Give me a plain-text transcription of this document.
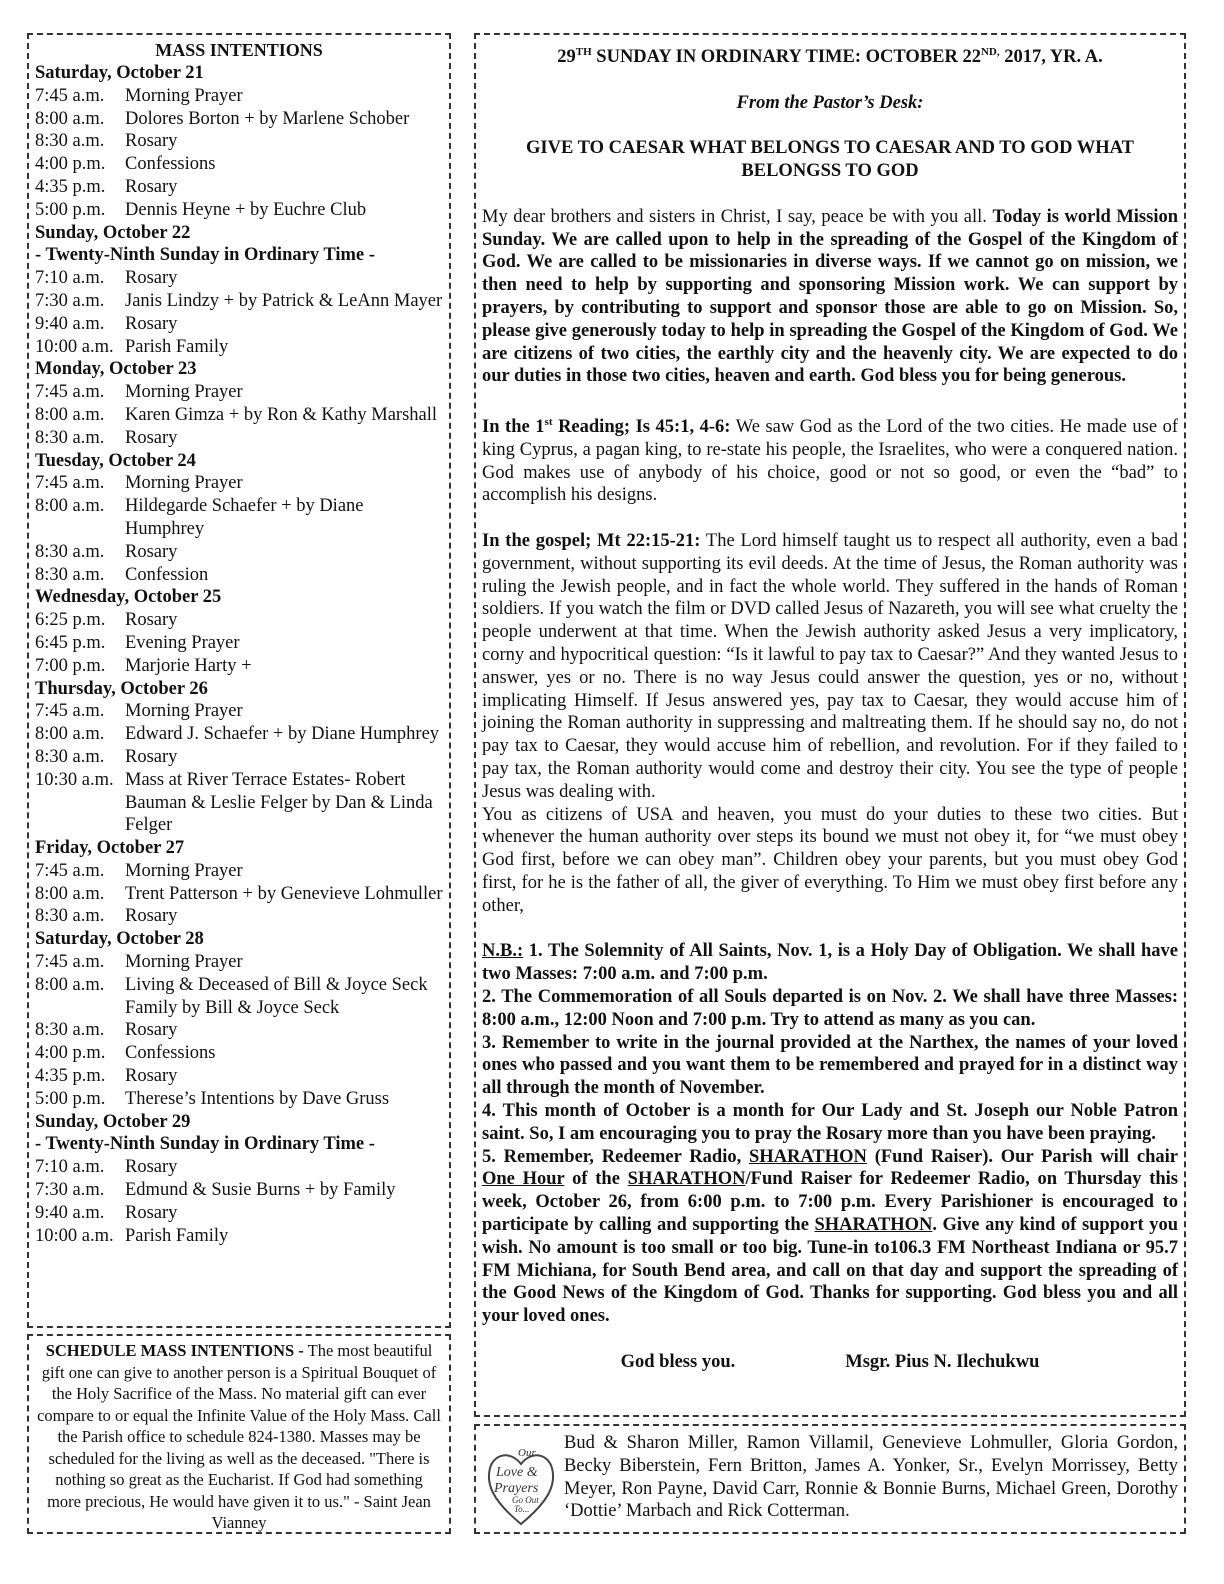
MASS INTENTIONS
Saturday, October 21
7:45 a.m.	Morning Prayer
8:00 a.m.	Dolores Borton + by Marlene Schober
8:30 a.m.	Rosary
4:00 p.m.	Confessions
4:35 p.m.	Rosary
5:00 p.m.	Dennis Heyne + by Euchre Club
Sunday, October 22
- Twenty-Ninth Sunday in Ordinary Time -
7:10 a.m.	Rosary
7:30 a.m.	Janis Lindzy + by Patrick & LeAnn Mayer
9:40 a.m.	Rosary
10:00 a.m. Parish Family
Monday, October 23
7:45 a.m.	Morning Prayer
8:00 a.m.	Karen Gimza + by Ron & Kathy Marshall
8:30 a.m.	Rosary
Tuesday, October 24
7:45 a.m.	Morning Prayer
8:00 a.m.	Hildegarde Schaefer + by Diane Humphrey
8:30 a.m.	Rosary
8:30 a.m.	Confession
Wednesday, October 25
6:25 p.m.	Rosary
6:45 p.m.	Evening Prayer
7:00 p.m.	Marjorie Harty +
Thursday, October 26
7:45 a.m.	Morning Prayer
8:00 a.m.	Edward J. Schaefer + by Diane Humphrey
8:30 a.m.	Rosary
10:30 a.m. Mass at River Terrace Estates- Robert Bauman & Leslie Felger by Dan & Linda Felger
Friday, October 27
7:45 a.m.	Morning Prayer
8:00 a.m.	Trent Patterson + by Genevieve Lohmuller
8:30 a.m.	Rosary
Saturday, October 28
7:45 a.m.	Morning Prayer
8:00 a.m.	Living & Deceased of Bill & Joyce Seck Family by Bill & Joyce Seck
8:30 a.m.	Rosary
4:00 p.m.	Confessions
4:35 p.m.	Rosary
5:00 p.m.	Therese’s Intentions by Dave Gruss
Sunday, October 29
- Twenty-Ninth Sunday in Ordinary Time -
7:10 a.m.	Rosary
7:30 a.m.	Edmund & Susie Burns + by Family
9:40 a.m.	Rosary
10:00 a.m. Parish Family

SCHEDULE MASS INTENTIONS - The most beautiful gift one can give to another person is a Spiritual Bouquet of the Holy Sacrifice of the Mass. No material gift can ever compare to or equal the Infinite Value of the Holy Mass. Call the Parish office to schedule 824-1380. Masses may be scheduled for the living as well as the deceased. "There is nothing so great as the Eucharist. If God had something more precious, He would have given it to us." - Saint Jean Vianney

29TH SUNDAY IN ORDINARY TIME: OCTOBER $22^{ND,}$ 2017, YR. A.

From the Pastor’s Desk:

GIVE TO CAESAR WHAT BELONGS TO CAESAR AND TO GOD WHAT BELONGSS TO GOD

My dear brothers and sisters in Christ, I say, peace be with you all. Today is world Mission Sunday. We are called upon to help in the spreading of the Gospel of the Kingdom of God. We are called to be missionaries in diverse ways. If we cannot go on mission, we then need to help by supporting and sponsoring Mission work. We can support by prayers, by contributing to support and sponsor those are able to go on Mission. So, please give generously today to help in spreading the Gospel of the Kingdom of God. We are citizens of two cities, the earthly city and the heavenly city. We are expected to do our duties in those two cities, heaven and earth. God bless you for being generous.

In the 1st Reading; Is 45:1, 4-6: We saw God as the Lord of the two cities. He made use of king Cyprus, a pagan king, to re-state his people, the Israelites, who were a conquered nation. God makes use of anybody of his choice, good or not so good, or even the “bad” to accomplish his designs.

In the gospel; Mt 22:15-21: The Lord himself taught us to respect all authority, even a bad government, without supporting its evil deeds. At the time of Jesus, the Roman authority was ruling the Jewish people, and in fact the whole world. They suffered in the hands of Roman soldiers. If you watch the film or DVD called Jesus of Nazareth, you will see what cruelty the people underwent at that time. When the Jewish authority asked Jesus a very implicatory, corny and hypocritical question: “Is it lawful to pay tax to Caesar?” And they wanted Jesus to answer, yes or no. There is no way Jesus could answer the question, yes or no, without implicating Himself. If Jesus answered yes, pay tax to Caesar, they would accuse him of joining the Roman authority in suppressing and maltreating them. If he should say no, do not pay tax to Caesar, they would accuse him of rebellion, and revolution. For if they failed to pay tax, the Roman authority would come and destroy their city. You see the type of people Jesus was dealing with.

You as citizens of USA and heaven, you must do your duties to these two cities. But whenever the human authority over steps its bound we must not obey it, for “we must obey God first, before we can obey man”. Children obey your parents, but you must obey God first, for he is the father of all, the giver of everything. To Him we must obey first before any other,

N.B.: 1. The Solemnity of All Saints, Nov. 1, is a Holy Day of Obligation. We shall have two Masses: 7:00 a.m. and 7:00 p.m.

2. The Commemoration of all Souls departed is on Nov. 2. We shall have three Masses: 8:00 a.m., 12:00 Noon and 7:00 p.m. Try to attend as many as you can.

3. Remember to write in the journal provided at the Narthex, the names of your loved ones who passed and you want them to be remembered and prayed for in a distinct way all through the month of November.

4. This month of October is a month for Our Lady and St. Joseph our Noble Patron saint. So, I am encouraging you to pray the Rosary more than you have been praying.

5. Remember, Redeemer Radio, SHARATHON (Fund Raiser). Our Parish will chair One Hour of the SHARATHON/Fund Raiser for Redeemer Radio, on Thursday this week, October 26, from 6:00 p.m. to 7:00 p.m. Every Parishioner is encouraged to participate by calling and supporting the SHARATHON. Give any kind of support you wish. No amount is too small or too big. Tune-in to106.3 FM Northeast Indiana or 95.7 FM Michiana, for South Bend area, and call on that day and support the spreading of the Good News of the Kingdom of God. Thanks for supporting. God bless you and all your loved ones.

God bless you.	Msgr. Pius N. Ilechukwu
Our
Love &
Prayers
Go Out
To...
Bud & Sharon Miller, Ramon Villamil, Genevieve Lohmuller, Gloria Gordon, Becky Biberstein, Fern Britton, James A. Yonker, Sr., Evelyn Morrissey, Betty Meyer, Ron Payne, David Carr, Ronnie & Bonnie Burns, Michael Green, Dorothy ‘Dottie’ Marbach and Rick Cotterman.
